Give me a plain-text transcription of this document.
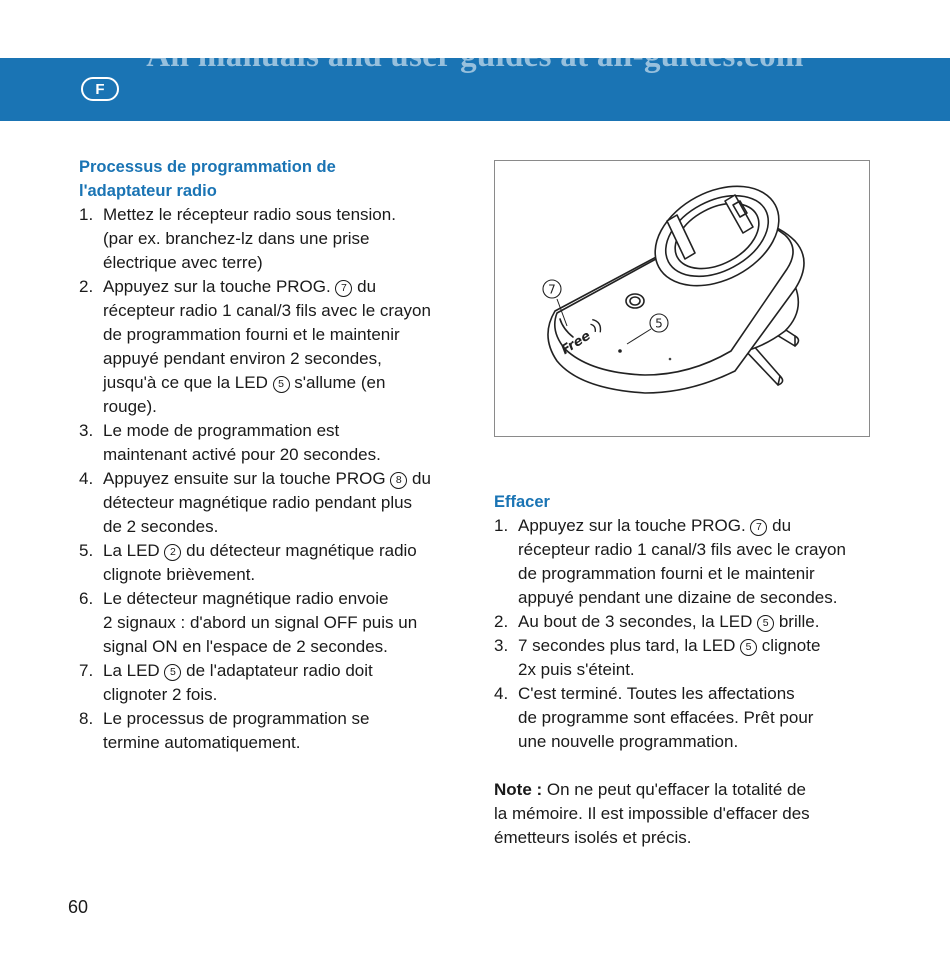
All manuals and user guides at all-guides.com
F
Processus de programmation de
l'adaptateur radio
1. Mettez le récepteur radio sous tension.
(par ex. branchez-lz dans une prise
électrique avec terre)
2. Appuyez sur la touche PROG. 7 du
récepteur radio 1 canal/3 fils avec le crayon
de programmation fourni et le maintenir
appuyé pendant environ 2 secondes,
jusqu'à ce que la LED 5 s'allume (en
rouge).
3. Le mode de programmation est
maintenant activé pour 20 secondes.
4. Appuyez ensuite sur la touche PROG 8 du
détecteur magnétique radio pendant plus
de 2 secondes.
5. La LED 2 du détecteur magnétique radio
clignote brièvement.
6. Le détecteur magnétique radio envoie
2 signaux : d'abord un signal OFF puis un
signal ON en l'espace de 2 secondes.
7. La LED 5 de l'adaptateur radio doit
clignoter 2 fois.
8. Le processus de programmation se
termine automatiquement.
7
5
Free
Effacer
1. Appuyez sur la touche PROG. 7 du
récepteur radio 1 canal/3 fils avec le crayon
de programmation fourni et le maintenir
appuyé pendant une dizaine de secondes.
2. Au bout de 3 secondes, la LED 5 brille.
3. 7 secondes plus tard, la LED 5 clignote
2x puis s'éteint.
4. C'est terminé. Toutes les affectations
de programme sont effacées. Prêt pour
une nouvelle programmation.
Note : On ne peut qu'effacer la totalité de
la mémoire. Il est impossible d'effacer des
émetteurs isolés et précis.
60
